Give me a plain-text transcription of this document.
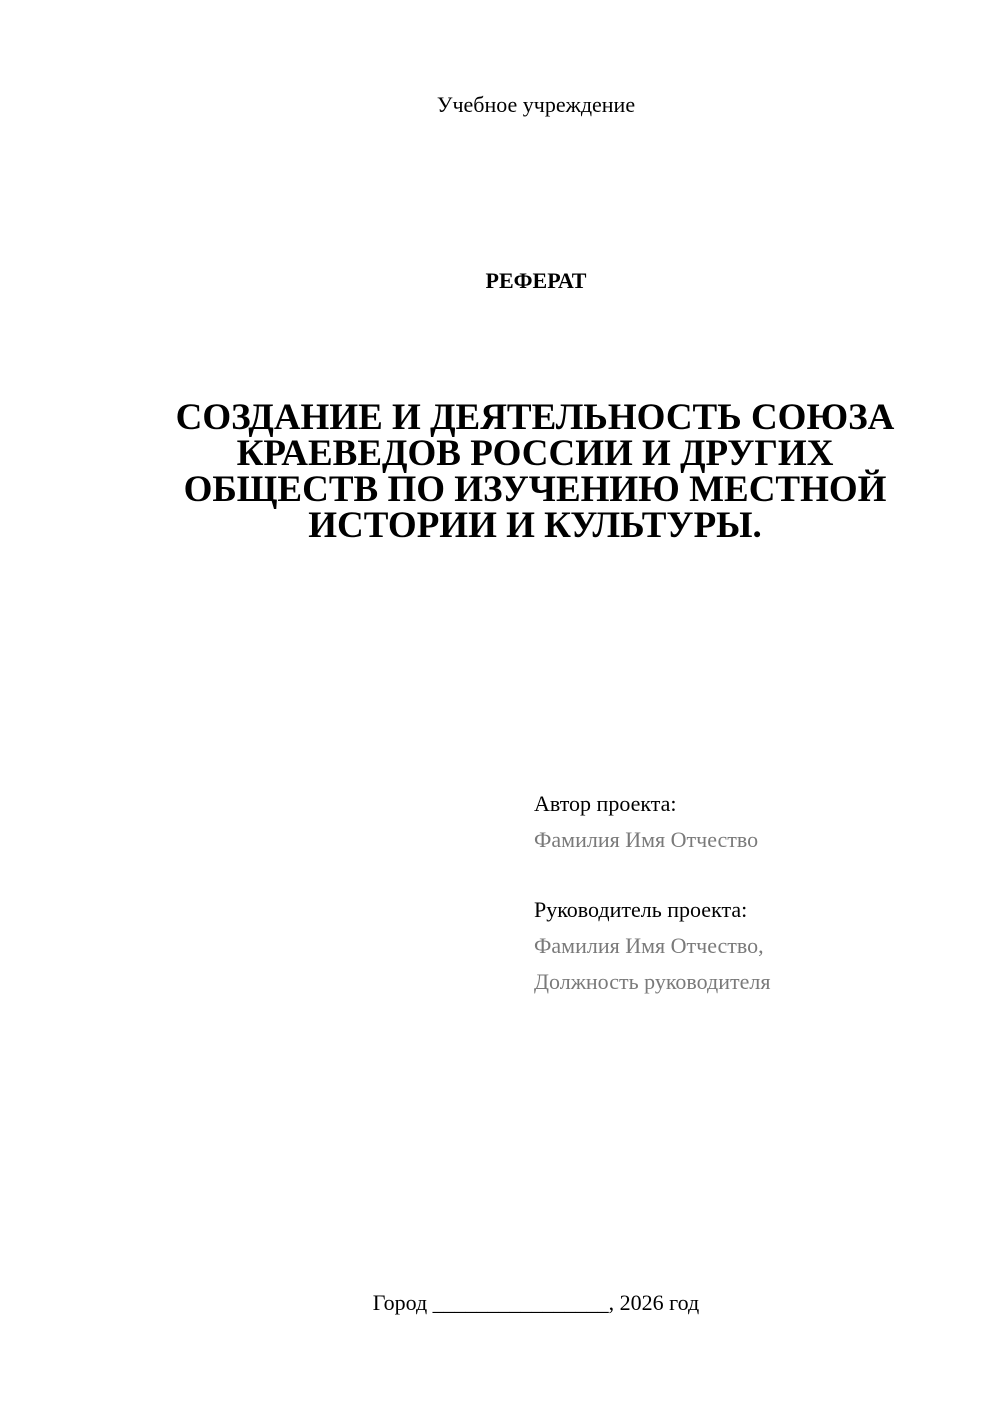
Учебное учреждение
РЕФЕРАТ
СОЗДАНИЕ И ДЕЯТЕЛЬНОСТЬ СОЮЗА
КРАЕВЕДОВ РОССИИ И ДРУГИХ
ОБЩЕСТВ ПО ИЗУЧЕНИЮ МЕСТНОЙ
ИСТОРИИ И КУЛЬТУРЫ.
Автор проекта:
Фамилия Имя Отчество
Руководитель проекта:
Фамилия Имя Отчество,
Должность руководителя
Город ________________, 2026 год
